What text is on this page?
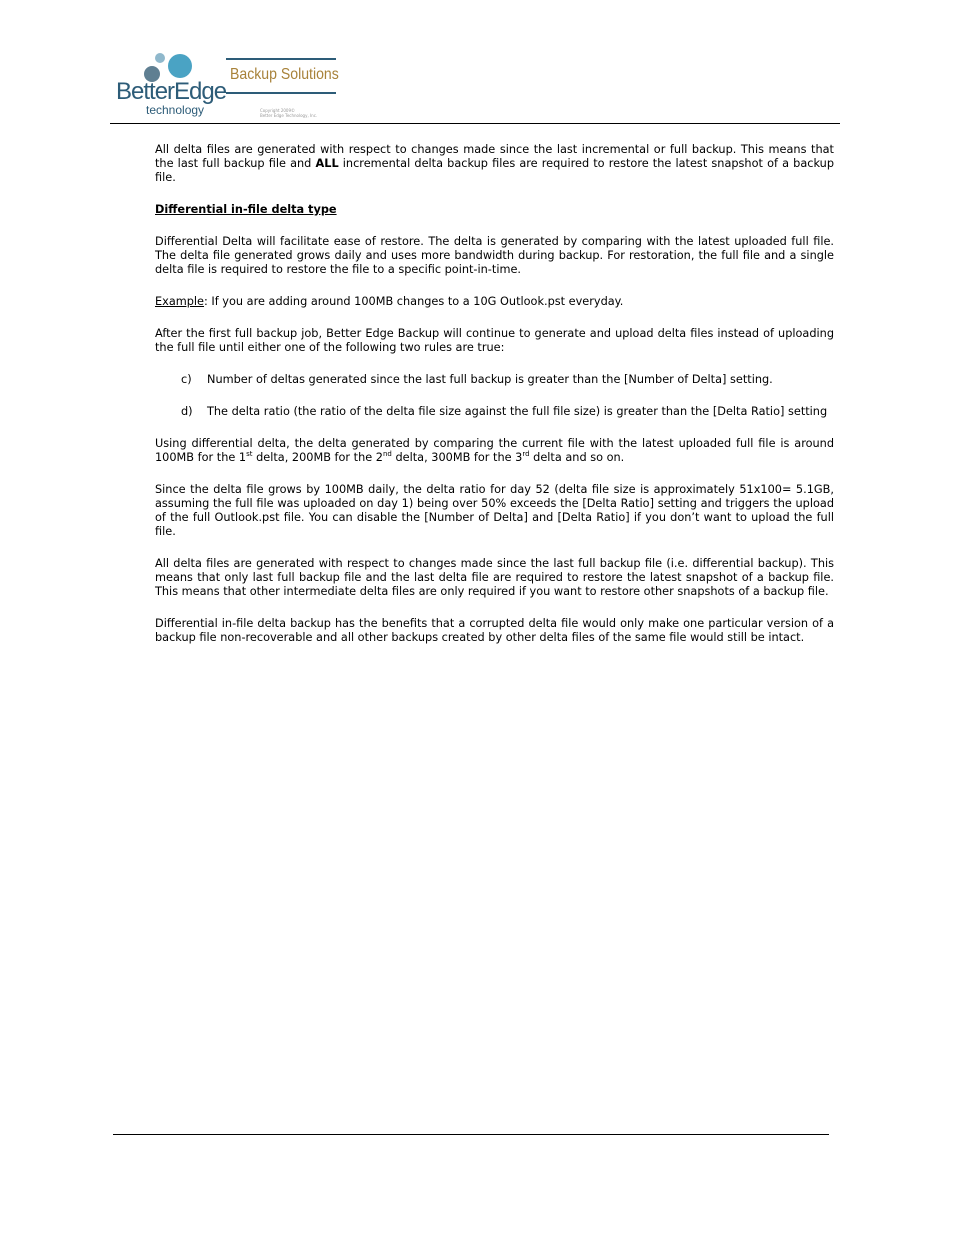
BetterEdge
technology
Backup Solutions
Copyright 2009©
Better Edge Technology, Inc.

All delta files are generated with respect to changes made since the last incremental or full backup. This means that the last full backup file and ALL incremental delta backup files are required to restore the latest snapshot of a backup file.

Differential in-file delta type

Differential Delta will facilitate ease of restore. The delta is generated by comparing with the latest uploaded full file. The delta file generated grows daily and uses more bandwidth during backup. For restoration, the full file and a single delta file is required to restore the file to a specific point-in-time.

Example: If you are adding around 100MB changes to a 10G Outlook.pst everyday.

After the first full backup job, Better Edge Backup will continue to generate and upload delta files instead of uploading the full file until either one of the following two rules are true:

c) Number of deltas generated since the last full backup is greater than the [Number of Delta] setting.
d) The delta ratio (the ratio of the delta file size against the full file size) is greater than the [Delta Ratio] setting

Using differential delta, the delta generated by comparing the current file with the latest uploaded full file is around 100MB for the 1st delta, 200MB for the 2nd delta, 300MB for the 3rd delta and so on.

Since the delta file grows by 100MB daily, the delta ratio for day 52 (delta file size is approximately 51x100= 5.1GB, assuming the full file was uploaded on day 1) being over 50% exceeds the [Delta Ratio] setting and triggers the upload of the full Outlook.pst file. You can disable the [Number of Delta] and [Delta Ratio] if you don’t want to upload the full file.

All delta files are generated with respect to changes made since the last full backup file (i.e. differential backup). This means that only last full backup file and the last delta file are required to restore the latest snapshot of a backup file. This means that other intermediate delta files are only required if you want to restore other snapshots of a backup file.

Differential in-file delta backup has the benefits that a corrupted delta file would only make one particular version of a backup file non-recoverable and all other backups created by other delta files of the same file would still be intact.
